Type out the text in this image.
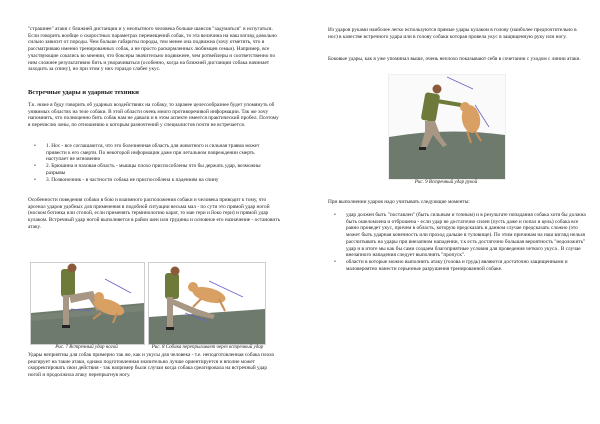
"страшнее" атаки с ближней дистанции и у неопытного человека больше шансов "задуматься" и испугаться. Если говорить вообще о скоростных параметрах перемещений собак, то эта величина на наш взгляд довольно сильно зависит от породы. Чем больше габариты породы, тем менее она подвижна (хочу отметить, что я рассматриваю именно тренированных собак, а не просто раскормленных любимцев семьи). Например, все участвующие сошлись во мнении, что боксеры значительно подвижнее, чем ротвейлеры и соответственно по ним сложнее результативно бить и уворачиваться (особенно, когда на ближней дистанции собака начинает заходить за спину), но при этом у них гораздо слабее укус.

Встречные удары и ударные техники

Т.к. ниже я буду говорить об ударных воздействиях на собаку, то заранее целесообразнее будет упомянуть об уязвимых областях на теле собаки. В этой области очень много противоречивой информации. Так же хочу напомнить, что полноценно бить собак нам не давали и в этом аспекте имеется практический пробел. Поэтому я перечислю зоны, по отношению к которым разночтений у специалистов почти не встречается.

• 1. Нос - все соглашаются, что это болезненная область для животного и сильная травма может привести к его смерти. По некоторой информации даже при летальном повреждении смерть наступает не мгновенно
• 2. Брюшина и паховая область - мышцы плохо приспособлены что бы держать удар, возможны разрывы
• 3. Позвоночник - в частности собака не приспособлена к падениям на спину

Особенности поведения собаки в бою и взаимного расположения собаки и человека приводит к тому, что арсенал ударов удобных для применения в подобной ситуации весьма мал - по сути это прямой удар ногой (носком ботинка или стопой, если применять терминологию карат, то мае гери и йоко гери) и прямой удар кулаком. Встречный удар ногой выполняется в район шеи или грудины и основное его назначение - остановить атаку.

Рис. 7 Встречный удар ногой	Рис. 8 Собака перепрыгивает через встречный удар

Удары неприятны для собак примерно так же, как и укусы для человека - т.е. неподготовленная собака плохо реагирует на такие атаки, однако подготовленная значительно лучше ориентируется и вполне может скорректировать свои действия - так например были случаи когда собака среагировала на встречный удар ногой и продолжила атаку перепрыгнув ногу.

Из ударов руками наиболее легко используются прямые удары кулаком в голову (наиболее предпочтительно в нос) в качестве встречного удара или в голову собаки которая провела укус в защищенную руку или ногу.

Боковые удары, как я уже упоминал выше, очень неплохо показывают себя в сочетании с уходом с линии атаки.

Рис. 9 Встречный удар рукой

При выполнении ударов надо учитывать следующие моменты:

• удар должен быть "поставлен" (быть сильным и точным) и в результате попадания собака хотя бы должна быть ошеломлена и отброшена - если удар не достаточно силен (пусть даже и попал в цель) собака все равно проведет укус, причем в область, которую предсказать в данном случае предсказать сложно (это может быть ударная конечность или проход дальше в туловище). По этим причинам на наш взгляд нельзя рассчитывать на удары при внезапном нападении, т.к есть достаточно большая вероятность "недоложить" удар и в итоге мы как бы сами создаем благоприятные условия для проведения четкого укуса . В случае внезапного нападения следует выполнять "пропуск".
• области в которые можно выполнить атаку (голова и грудь) являются достаточно защищенными и маловероятно нанести серьезные разрушения тренированной собаке.
